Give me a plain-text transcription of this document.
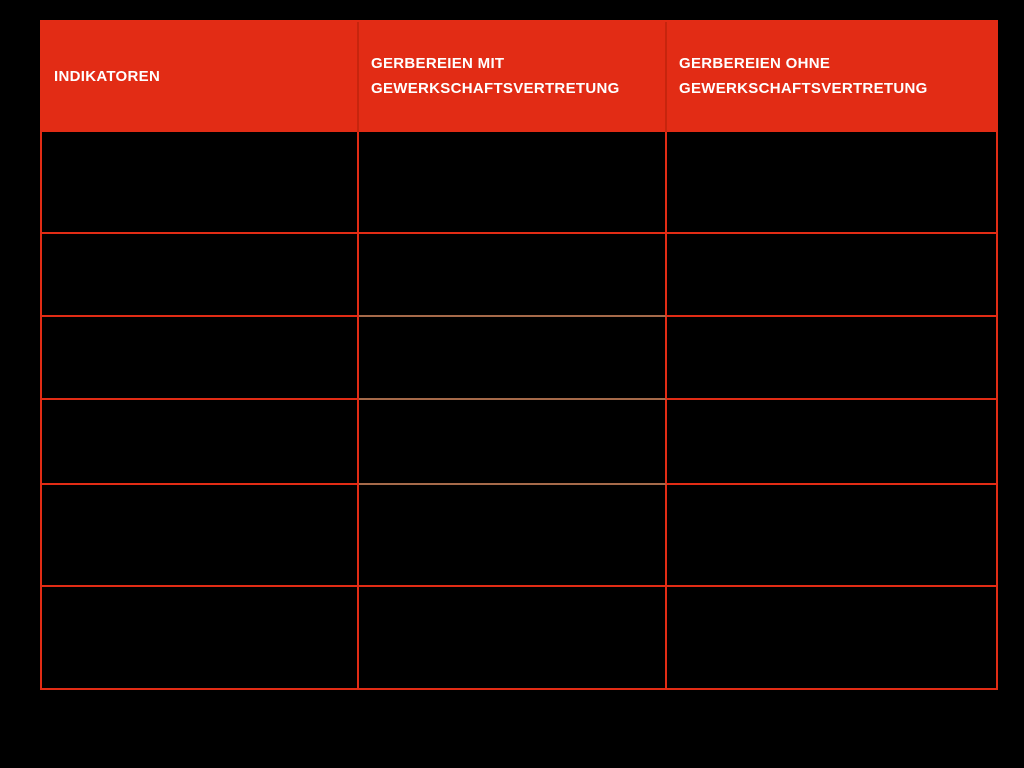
INDIKATOREN
GERBEREIEN MIT GEWERKSCHAFTSVERTRETUNG
GERBEREIEN OHNE GEWERKSCHAFTSVERTRETUNG
